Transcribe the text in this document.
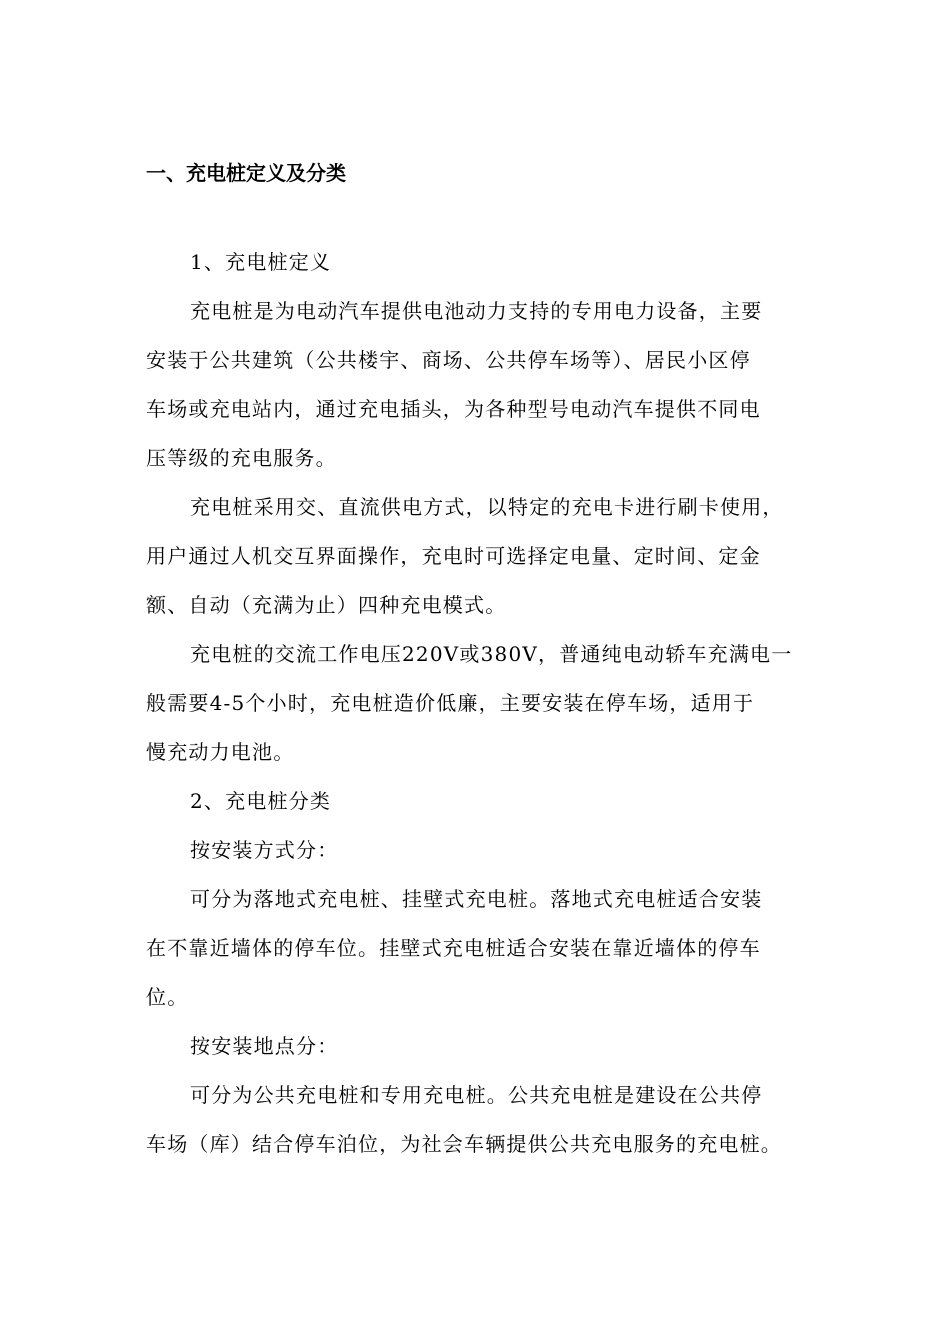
一、充电桩定义及分类
1、充电桩定义
充电桩是为电动汽车提供电池动力支持的专用电力设备，主要
安装于公共建筑（公共楼宇、商场、公共停车场等）、居民小区停
车场或充电站内，通过充电插头，为各种型号电动汽车提供不同电
压等级的充电服务。
充电桩采用交、直流供电方式，以特定的充电卡进行刷卡使用，
用户通过人机交互界面操作，充电时可选择定电量、定时间、定金
额、自动（充满为止）四种充电模式。
充电桩的交流工作电压220V或380V，普通纯电动轿车充满电一
般需要4-5个小时，充电桩造价低廉，主要安装在停车场，适用于
慢充动力电池。
2、充电桩分类
按安装方式分：
可分为落地式充电桩、挂壁式充电桩。落地式充电桩适合安装
在不靠近墙体的停车位。挂壁式充电桩适合安装在靠近墙体的停车
位。
按安装地点分：
可分为公共充电桩和专用充电桩。公共充电桩是建设在公共停
车场（库）结合停车泊位，为社会车辆提供公共充电服务的充电桩。
